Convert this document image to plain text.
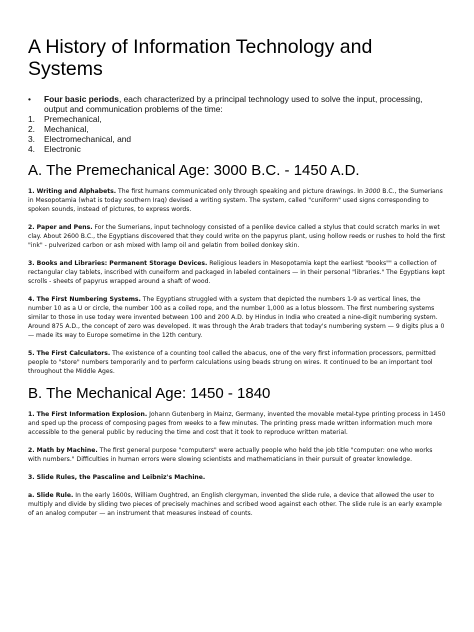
A History of Information Technology and Systems
•	Four basic periods, each characterized by a principal technology used to solve the input, processing, output and communication problems of the time:
1.	Premechanical,
2.	Mechanical,
3.	Electromechanical, and
4.	Electronic
A. The Premechanical Age: 3000 B.C. - 1450 A.D.

1. Writing and Alphabets. The first humans communicated only through speaking and picture drawings. In 3000 B.C., the Sumerians in Mesopotamia (what is today southern Iraq) devised a writing system. The system, called "cuniform" used signs corresponding to spoken sounds, instead of pictures, to express words.

2. Paper and Pens. For the Sumerians, input technology consisted of a penlike device called a stylus that could scratch marks in wet clay. About 2600 B.C., the Egyptians discovered that they could write on the papyrus plant, using hollow reeds or rushes to hold the first "ink" - pulverized carbon or ash mixed with lamp oil and gelatin from boiled donkey skin.

3. Books and Libraries: Permanent Storage Devices. Religious leaders in Mesopotamia kept the earliest "books"" a collection of rectangular clay tablets, inscribed with cuneiform and packaged in labeled containers — in their personal "libraries." The Egyptians kept scrolls - sheets of papyrus wrapped around a shaft of wood.

4. The First Numbering Systems. The Egyptians struggled with a system that depicted the numbers 1-9 as vertical lines, the number 10 as a U or circle, the number 100 as a coiled rope, and the number 1,000 as a lotus blossom. The first numbering systems similar to those in use today were invented between 100 and 200 A.D. by Hindus in India who created a nine-digit numbering system. Around 875 A.D., the concept of zero was developed. It was through the Arab traders that today's numbering system — 9 digits plus a 0 — made its way to Europe sometime in the 12th century.

5. The First Calculators. The existence of a counting tool called the abacus, one of the very first information processors, permitted people to "store" numbers temporarily and to perform calculations using beads strung on wires. It continued to be an important tool throughout the Middle Ages.

B. The Mechanical Age: 1450 - 1840

1. The First Information Explosion. Johann Gutenberg in Mainz, Germany, invented the movable metal-type printing process in 1450 and sped up the process of composing pages from weeks to a few minutes. The printing press made written information much more accessible to the general public by reducing the time and cost that it took to reproduce written material.

2. Math by Machine. The first general purpose "computers" were actually people who held the job title "computer: one who works with numbers." Difficulties in human errors were slowing scientists and mathematicians in their pursuit of greater knowledge.

3. Slide Rules, the Pascaline and Leibniz's Machine.

a. Slide Rule. In the early 1600s, William Oughtred, an English clergyman, invented the slide rule, a device that allowed the user to multiply and divide by sliding two pieces of precisely machines and scribed wood against each other. The slide rule is an early example of an analog computer — an instrument that measures instead of counts.
